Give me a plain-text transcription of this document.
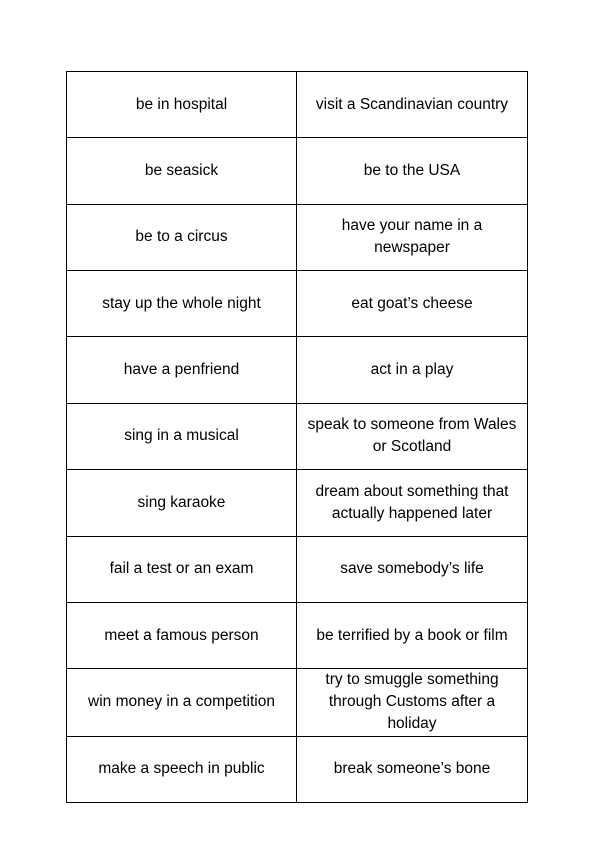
be in hospital	visit a Scandinavian country
be seasick	be to the USA
be to a circus	have your name in a newspaper
stay up the whole night	eat goat’s cheese
have a penfriend	act in a play
sing in a musical	speak to someone from Wales or Scotland
sing karaoke	dream about something that actually happened later
fail a test or an exam	save somebody’s life
meet a famous person	be terrified by a book or film
win money in a competition	try to smuggle something through Customs after a holiday
make a speech in public	break someone’s bone
